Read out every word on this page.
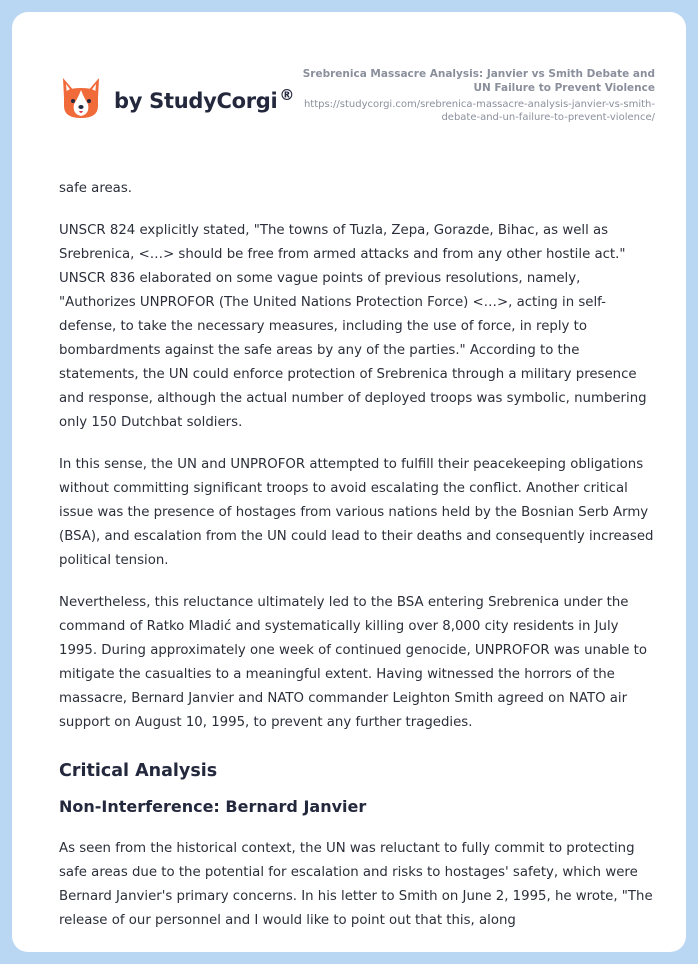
by StudyCorgi ®
Srebrenica Massacre Analysis: Janvier vs Smith Debate and UN Failure to Prevent Violence
https://studycorgi.com/srebrenica-massacre-analysis-janvier-vs-smith-debate-and-un-failure-to-prevent-violence/

safe areas.

UNSCR 824 explicitly stated, "The towns of Tuzla, Zepa, Gorazde, Bihac, as well as Srebrenica, <…> should be free from armed attacks and from any other hostile act." UNSCR 836 elaborated on some vague points of previous resolutions, namely, "Authorizes UNPROFOR (The United Nations Protection Force) <…>, acting in self-defense, to take the necessary measures, including the use of force, in reply to bombardments against the safe areas by any of the parties." According to the statements, the UN could enforce protection of Srebrenica through a military presence and response, although the actual number of deployed troops was symbolic, numbering only 150 Dutchbat soldiers.

In this sense, the UN and UNPROFOR attempted to fulfill their peacekeeping obligations without committing significant troops to avoid escalating the conflict. Another critical issue was the presence of hostages from various nations held by the Bosnian Serb Army (BSA), and escalation from the UN could lead to their deaths and consequently increased political tension.

Nevertheless, this reluctance ultimately led to the BSA entering Srebrenica under the command of Ratko Mladić and systematically killing over 8,000 city residents in July 1995. During approximately one week of continued genocide, UNPROFOR was unable to mitigate the casualties to a meaningful extent. Having witnessed the horrors of the massacre, Bernard Janvier and NATO commander Leighton Smith agreed on NATO air support on August 10, 1995, to prevent any further tragedies.

Critical Analysis
Non-Interference: Bernard Janvier

As seen from the historical context, the UN was reluctant to fully commit to protecting safe areas due to the potential for escalation and risks to hostages' safety, which were Bernard Janvier's primary concerns. In his letter to Smith on June 2, 1995, he wrote, "The release of our personnel and I would like to point out that this, along
